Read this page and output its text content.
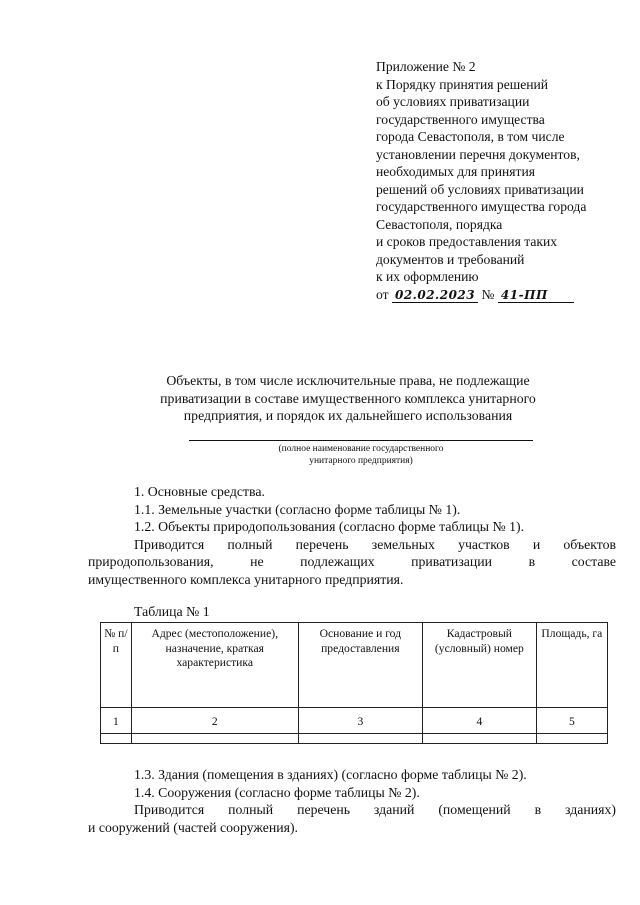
Приложение № 2
к Порядку принятия решений
об условиях приватизации
государственного имущества
города Севастополя, в том числе
установлении перечня документов,
необходимых для принятия
решений об условиях приватизации
государственного имущества города
Севастополя, порядка
и сроков предоставления таких
документов и требований
к их оформлению
от 02.02.2023 № 41-ПП
Объекты, в том числе исключительные права, не подлежащие
приватизации в составе имущественного комплекса унитарного
предприятия, и порядок их дальнейшего использования
(полное наименование государственного
унитарного предприятия)
1. Основные средства.
1.1. Земельные участки (согласно форме таблицы № 1).
1.2. Объекты природопользования (согласно форме таблицы № 1).
Приводится полный перечень земельных участков и объектов
природопользования, не подлежащих приватизации в составе
имущественного комплекса унитарного предприятия.
Таблица № 1
№ п/п	Адрес (местоположение), назначение, краткая характеристика	Основание и год предоставления	Кадастровый (условный) номер	Площадь, га
1	2	3	4	5

1.3. Здания (помещения в зданиях) (согласно форме таблицы № 2).
1.4. Сооружения (согласно форме таблицы № 2).
Приводится полный перечень зданий (помещений в зданиях)
и сооружений (частей сооружения).
